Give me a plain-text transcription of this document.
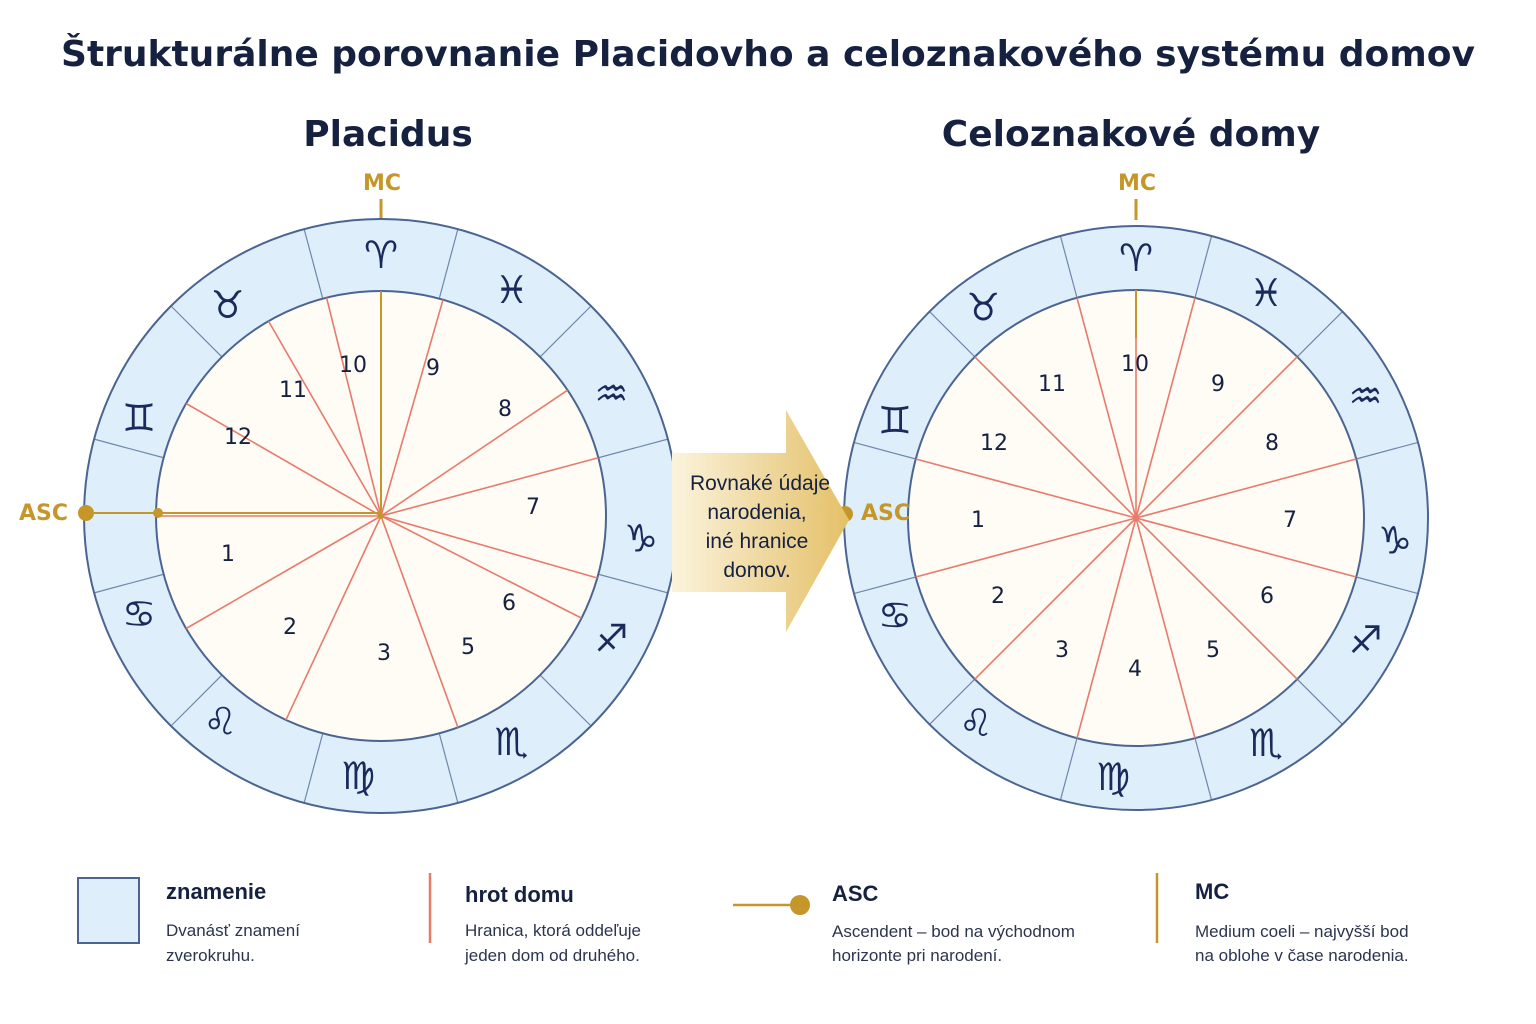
Štrukturálne porovnanie Placidovho a celoznakového systému domov
Placidus
♈
♉
♊
♋
♌
♍
♏
♐
♑
♒
♓
1
2
3	5
6
7
8
9
10
11
12
ASC
MC
Celoznakové domy
♈
♉
♊
♋
♌
♍
♏
♐
♑
♒
♓
1
2
3
4
5
6
7
8
9
10
11
12
ASC
MC
Rovnaké údaje
narodenia,
iné hranice
domov.
znamenie
Dvanásť znamení
zverokruhu.
hrot domu
Hranica, ktorá oddeľuje
jeden dom od druhého.
ASC
Ascendent – bod na východnom
horizonte pri narodení.
MC
Medium coeli – najvyšší bod
na oblohe v čase narodenia.
